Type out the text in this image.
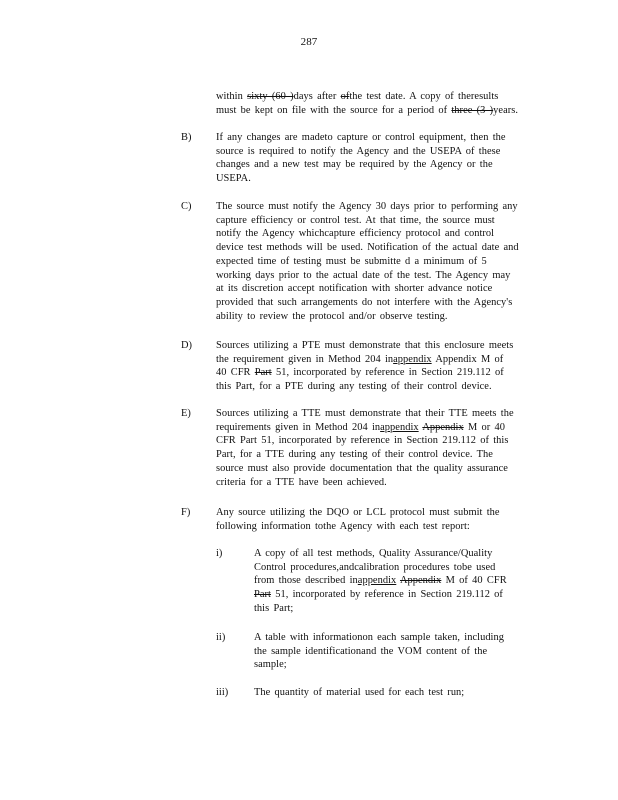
287
within sixty (60 )days after ofthe test date. A copy of theresults
must be kept on file with the source for a period of three (3 )years.
B) If any changes are madeto capture or control equipment, then the
source is required to notify the Agency and the USEPA of these
changes and a new test may be required by the Agency or the
USEPA.
C) The source must notify the Agency 30 days prior to performing any
capture efficiency or control test. At that time, the source must
notify the Agency whichcapture efficiency protocol and control
device test methods will be used. Notification of the actual date and
expected time of testing must be submitte d a minimum of 5
working days prior to the actual date of the test. The Agency may
at its discretion accept notification with shorter advance notice
provided that such arrangements do not interfere with the Agency's
ability to review the protocol and/or observe testing.
D) Sources utilizing a PTE must demonstrate that this enclosure meets
the requirement given in Method 204 inappendix Appendix M of
40 CFR Part 51, incorporated by reference in Section 219.112 of
this Part, for a PTE during any testing of their control device.
E) Sources utilizing a TTE must demonstrate that their TTE meets the
requirements given in Method 204 inappendix Appendix M or 40
CFR Part 51, incorporated by reference in Section 219.112 of this
Part, for a TTE during any testing of their control device. The
source must also provide documentation that the quality assurance
criteria for a TTE have been achieved.
F) Any source utilizing the DQO or LCL protocol must submit the
following information tothe Agency with each test report:
i)	A copy of all test methods, Quality Assurance/Quality
Control procedures,andcalibration procedures tobe used
from those described inappendix Appendix M of 40 CFR
Part 51, incorporated by reference in Section 219.112 of
this Part;
ii)	A table with informationon each sample taken, including
the sample identificationand the VOM content of the
sample;
iii) The quantity of material used for each test run;
